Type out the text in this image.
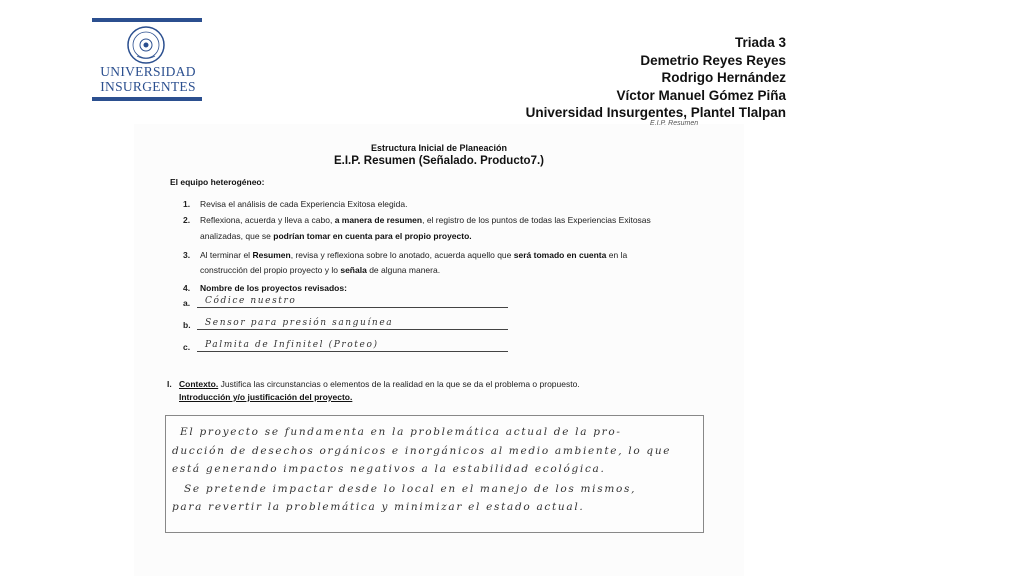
UNIVERSIDAD
INSURGENTES
Triada 3
Demetrio Reyes Reyes
Rodrigo Hernández
Víctor Manuel Gómez Piña
Universidad Insurgentes, Plantel Tlalpan
E.I.P. Resumen
Estructura Inicial de Planeación
E.I.P. Resumen (Señalado. Producto7.)
El equipo heterogéneo:
1. Revisa el análisis de cada Experiencia Exitosa elegida.
2. Reflexiona, acuerda y lleva a cabo, a manera de resumen, el registro de los puntos de todas las Experiencias Exitosas
analizadas, que se podrían tomar en cuenta para el propio proyecto.
3. Al terminar el Resumen, revisa y reflexiona sobre lo anotado, acuerda aquello que será tomado en cuenta en la
construcción del propio proyecto y lo señala de alguna manera.
4. Nombre de los proyectos revisados:
a. Códice nuestro
b. Sensor para presión sanguínea
c. Palmita de Infinitel (Proteo)
I. Contexto. Justifica las circunstancias o elementos de la realidad en la que se da el problema o propuesto.
Introducción y/o justificación del proyecto.
El proyecto se fundamenta en la problemática actual de la pro-
ducción de desechos orgánicos e inorgánicos al medio ambiente, lo que
está generando impactos negativos a la estabilidad ecológica.
Se pretende impactar desde lo local en el manejo de los mismos,
para revertir la problemática y minimizar el estado actual.
